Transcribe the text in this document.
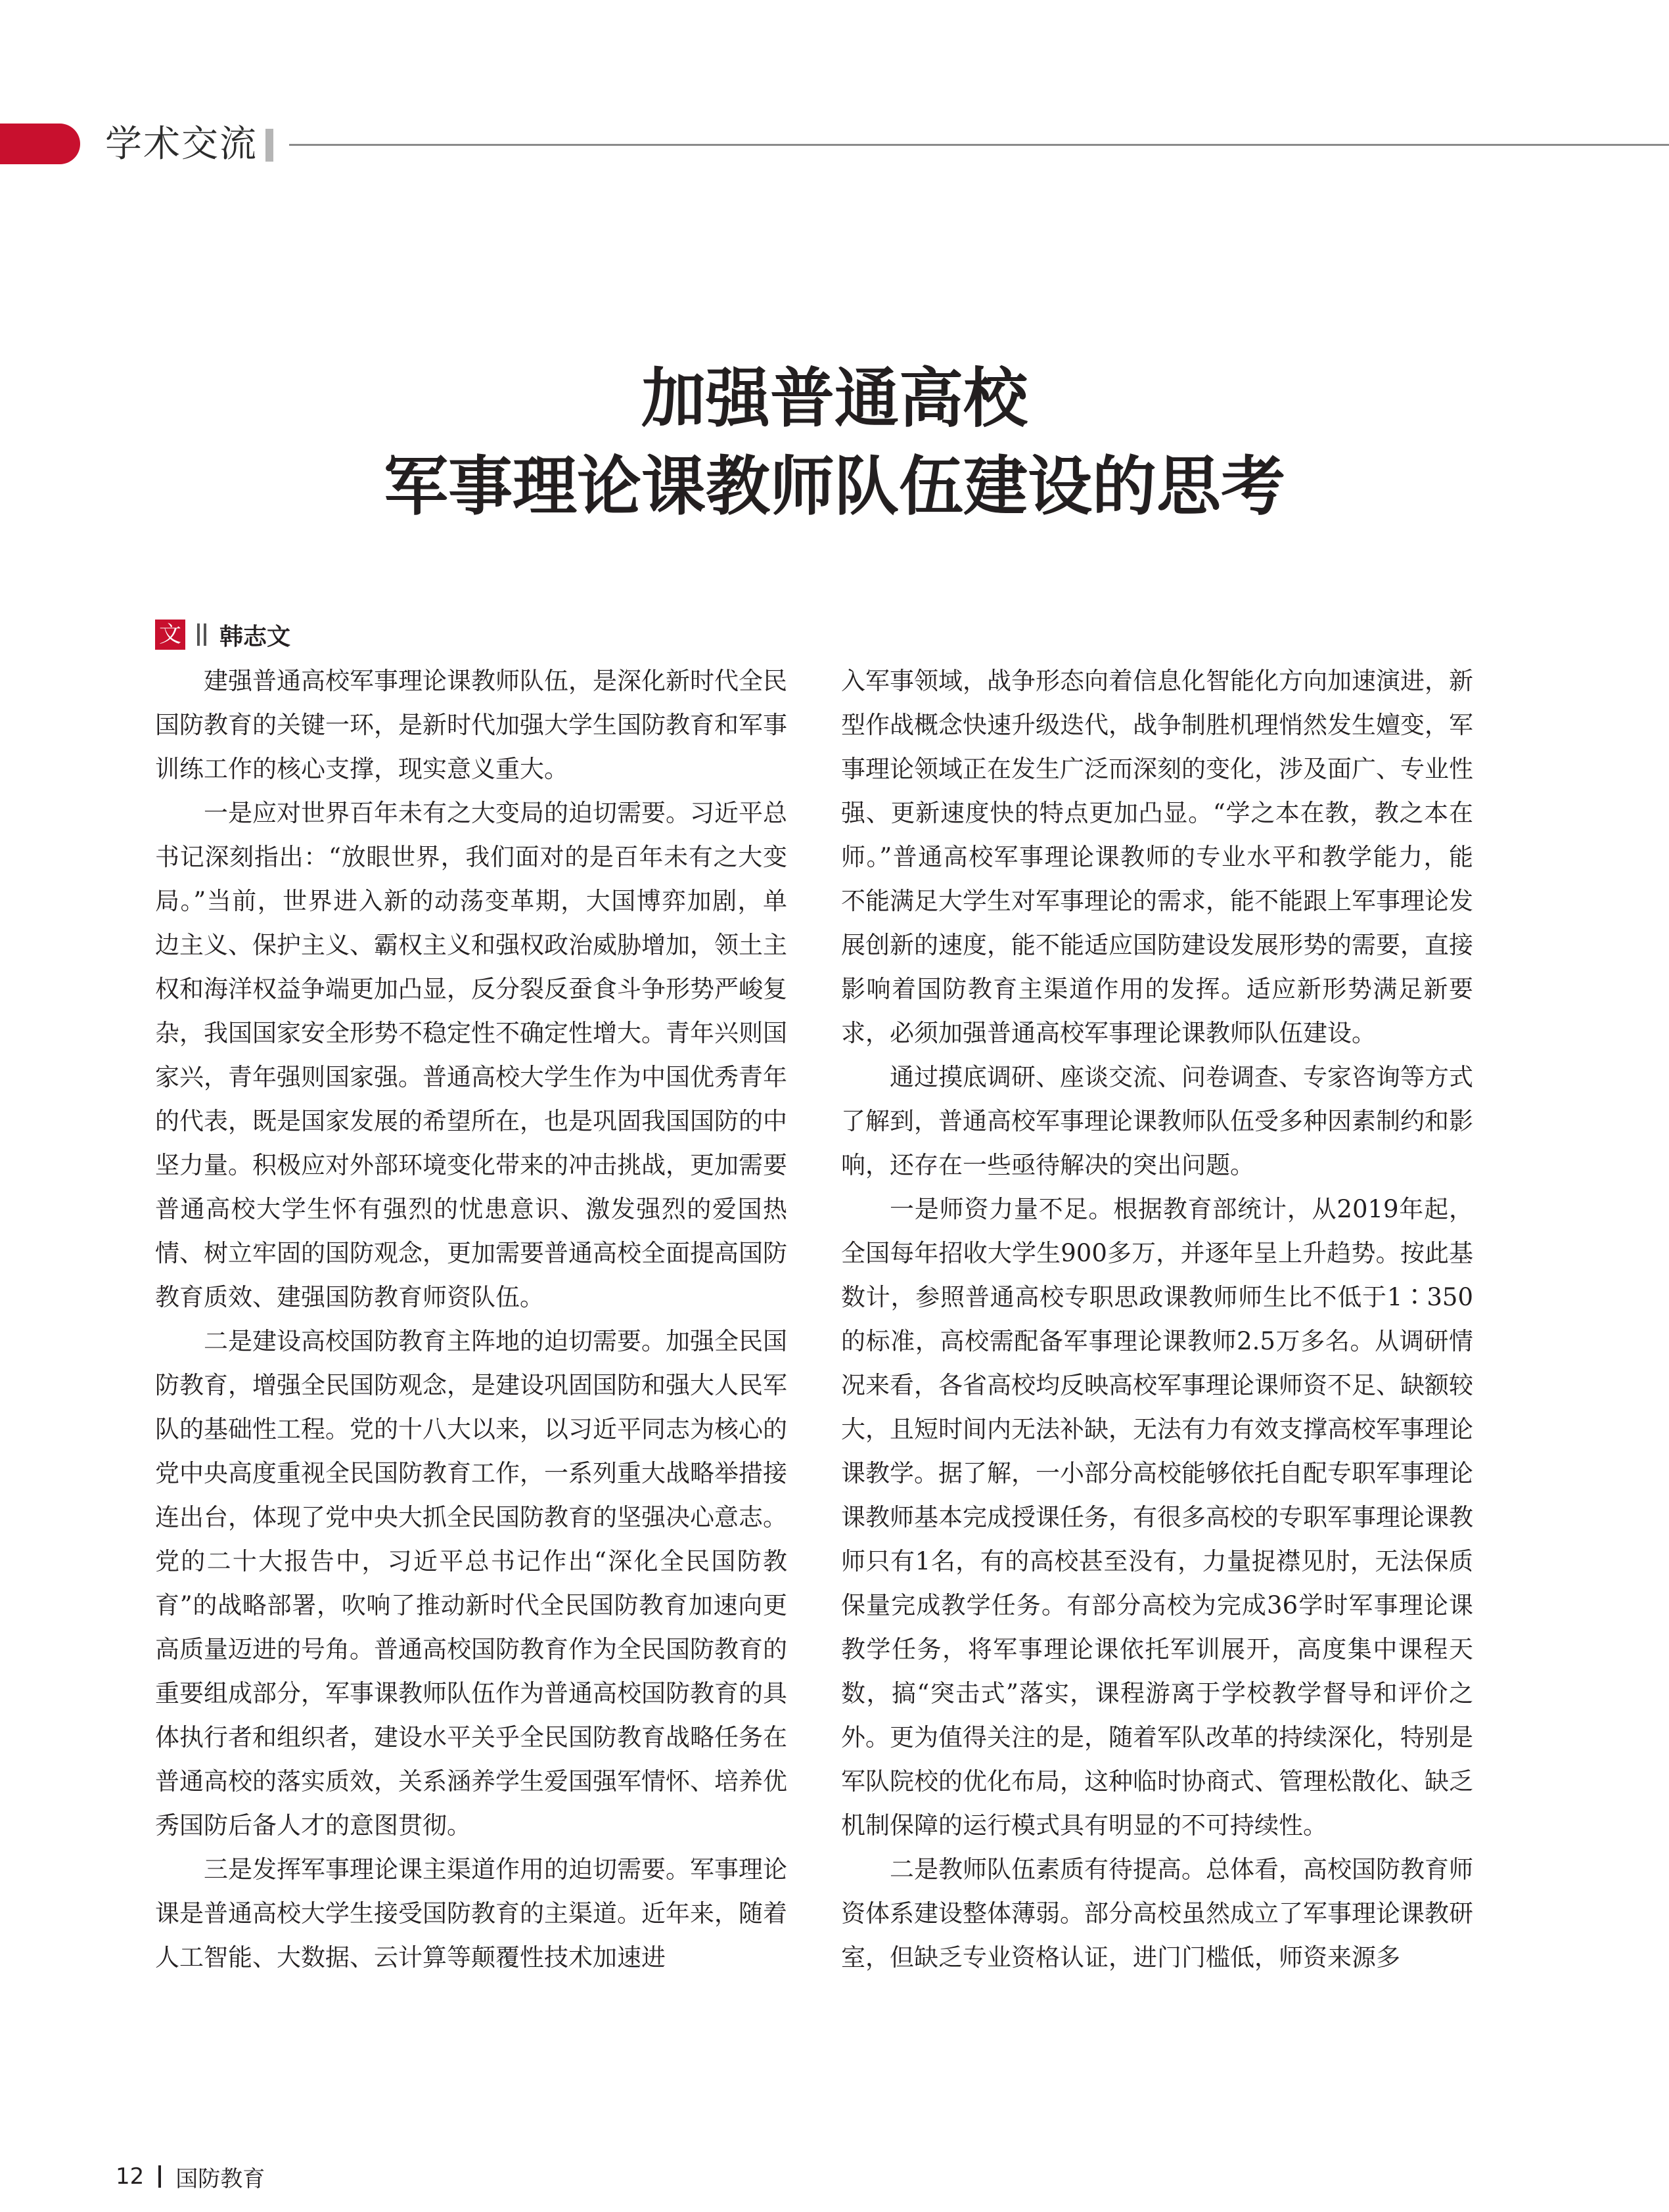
学术交流
加强普通高校
军事理论课教师队伍建设的思考
文 韩志文

建强普通高校军事理论课教师队伍，是深化新时代全民国防教育的关键一环，是新时代加强大学生国防教育和军事训练工作的核心支撑，现实意义重大。

一是应对世界百年未有之大变局的迫切需要。习近平总书记深刻指出：“放眼世界，我们面对的是百年未有之大变局。”当前，世界进入新的动荡变革期，大国博弈加剧，单边主义、保护主义、霸权主义和强权政治威胁增加，领土主权和海洋权益争端更加凸显，反分裂反蚕食斗争形势严峻复杂，我国国家安全形势不稳定性不确定性增大。青年兴则国家兴，青年强则国家强。普通高校大学生作为中国优秀青年的代表，既是国家发展的希望所在，也是巩固我国国防的中坚力量。积极应对外部环境变化带来的冲击挑战，更加需要普通高校大学生怀有强烈的忧患意识、激发强烈的爱国热情、树立牢固的国防观念，更加需要普通高校全面提高国防教育质效、建强国防教育师资队伍。

二是建设高校国防教育主阵地的迫切需要。加强全民国防教育，增强全民国防观念，是建设巩固国防和强大人民军队的基础性工程。党的十八大以来，以习近平同志为核心的党中央高度重视全民国防教育工作，一系列重大战略举措接连出台，体现了党中央大抓全民国防教育的坚强决心意志。党的二十大报告中，习近平总书记作出“深化全民国防教育”的战略部署，吹响了推动新时代全民国防教育加速向更高质量迈进的号角。普通高校国防教育作为全民国防教育的重要组成部分，军事课教师队伍作为普通高校国防教育的具体执行者和组织者，建设水平关乎全民国防教育战略任务在普通高校的落实质效，关系涵养学生爱国强军情怀、培养优秀国防后备人才的意图贯彻。

三是发挥军事理论课主渠道作用的迫切需要。军事理论课是普通高校大学生接受国防教育的主渠道。近年来，随着人工智能、大数据、云计算等颠覆性技术加速进

入军事领域，战争形态向着信息化智能化方向加速演进，新型作战概念快速升级迭代，战争制胜机理悄然发生嬗变，军事理论领域正在发生广泛而深刻的变化，涉及面广、专业性强、更新速度快的特点更加凸显。“学之本在教，教之本在师。”普通高校军事理论课教师的专业水平和教学能力，能不能满足大学生对军事理论的需求，能不能跟上军事理论发展创新的速度，能不能适应国防建设发展形势的需要，直接影响着国防教育主渠道作用的发挥。适应新形势满足新要求，必须加强普通高校军事理论课教师队伍建设。

通过摸底调研、座谈交流、问卷调查、专家咨询等方式了解到，普通高校军事理论课教师队伍受多种因素制约和影响，还存在一些亟待解决的突出问题。

一是师资力量不足。根据教育部统计，从2019年起，全国每年招收大学生900多万，并逐年呈上升趋势。按此基数计，参照普通高校专职思政课教师师生比不低于1∶350的标准，高校需配备军事理论课教师2.5万多名。从调研情况来看，各省高校均反映高校军事理论课师资不足、缺额较大，且短时间内无法补缺，无法有力有效支撑高校军事理论课教学。据了解，一小部分高校能够依托自配专职军事理论课教师基本完成授课任务，有很多高校的专职军事理论课教师只有1名，有的高校甚至没有，力量捉襟见肘，无法保质保量完成教学任务。有部分高校为完成36学时军事理论课教学任务，将军事理论课依托军训展开，高度集中课程天数，搞“突击式”落实，课程游离于学校教学督导和评价之外。更为值得关注的是，随着军队改革的持续深化，特别是军队院校的优化布局，这种临时协商式、管理松散化、缺乏机制保障的运行模式具有明显的不可持续性。

二是教师队伍素质有待提高。总体看，高校国防教育师资体系建设整体薄弱。部分高校虽然成立了军事理论课教研室，但缺乏专业资格认证，进门门槛低，师资来源多

12 国防教育
